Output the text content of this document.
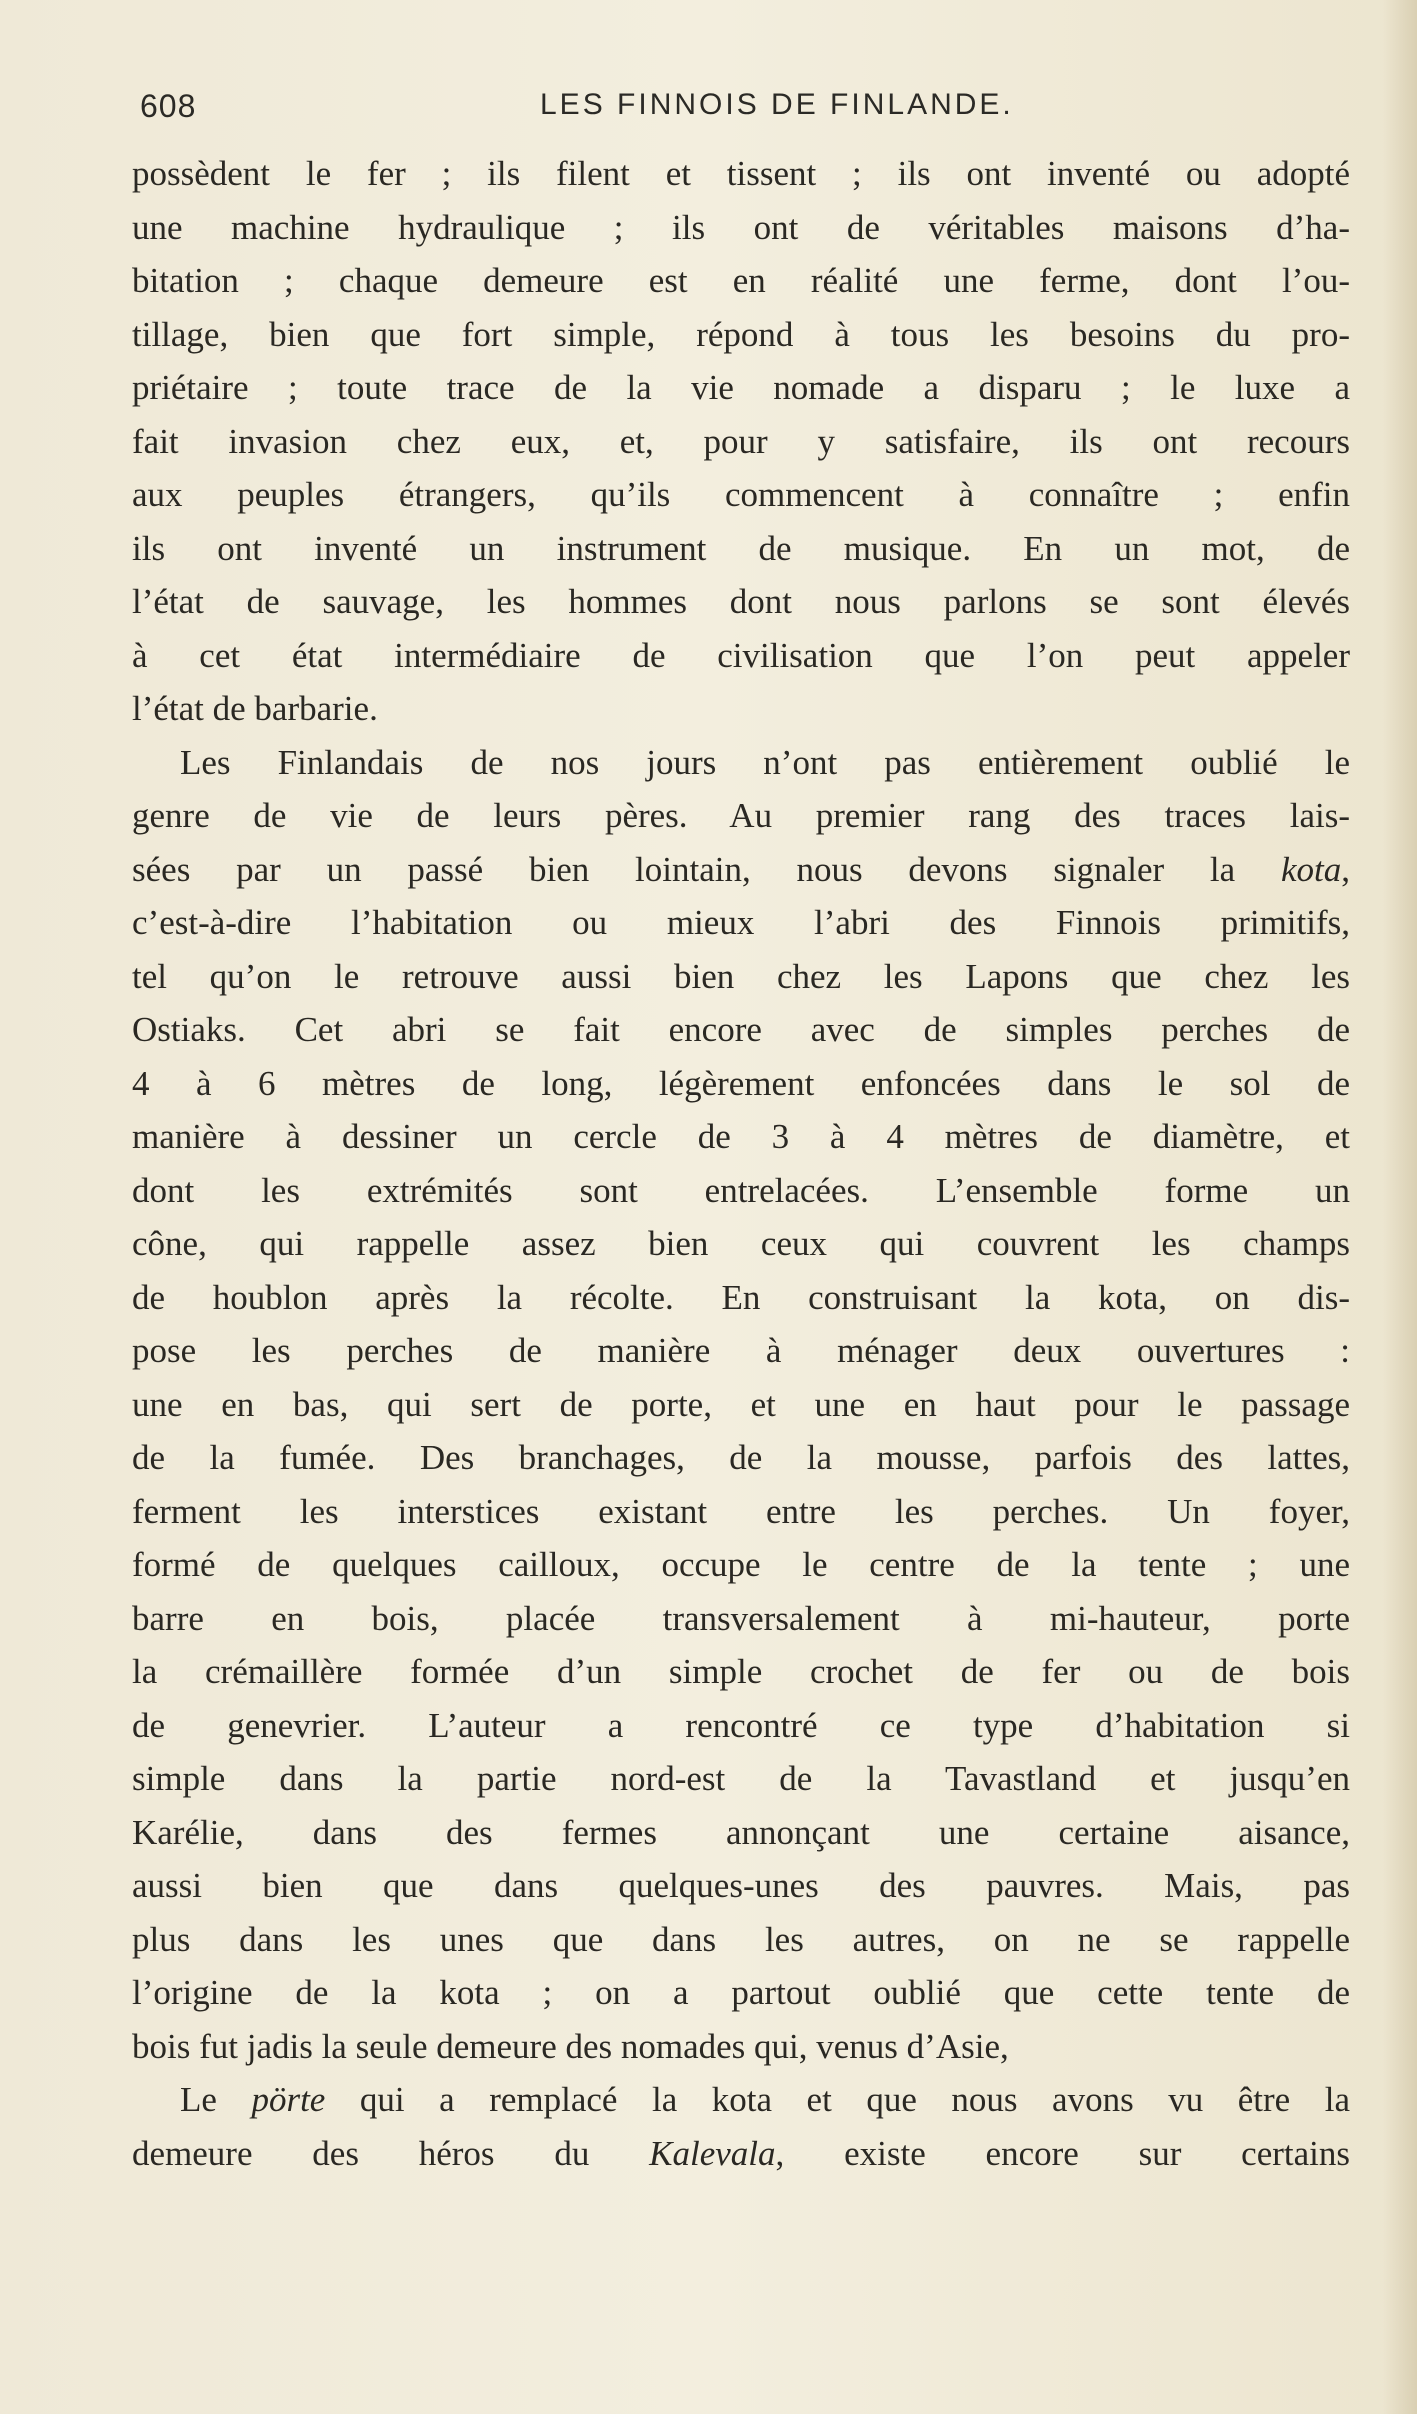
608	LES FINNOIS DE FINLANDE.

possèdent le fer ; ils filent et tissent ; ils ont inventé ou adopté
une machine hydraulique ; ils ont de véritables maisons d’ha-
bitation ; chaque demeure est en réalité une ferme, dont l’ou-
tillage, bien que fort simple, répond à tous les besoins du pro-
priétaire ; toute trace de la vie nomade a disparu ; le luxe a
fait invasion chez eux, et, pour y satisfaire, ils ont recours
aux peuples étrangers, qu’ils commencent à connaître ; enfin
ils ont inventé un instrument de musique. En un mot, de
l’état de sauvage, les hommes dont nous parlons se sont élevés
à cet état intermédiaire de civilisation que l’on peut appeler
l’état de barbarie.

Les Finlandais de nos jours n’ont pas entièrement oublié le
genre de vie de leurs pères. Au premier rang des traces lais-
sées par un passé bien lointain, nous devons signaler la kota,
c’est-à-dire l’habitation ou mieux l’abri des Finnois primitifs,
tel qu’on le retrouve aussi bien chez les Lapons que chez les
Ostiaks. Cet abri se fait encore avec de simples perches de
4 à 6 mètres de long, légèrement enfoncées dans le sol de
manière à dessiner un cercle de 3 à 4 mètres de diamètre, et
dont les extrémités sont entrelacées. L’ensemble forme un
cône, qui rappelle assez bien ceux qui couvrent les champs
de houblon après la récolte. En construisant la kota, on dis-
pose les perches de manière à ménager deux ouvertures :
une en bas, qui sert de porte, et une en haut pour le passage
de la fumée. Des branchages, de la mousse, parfois des lattes,
ferment les interstices existant entre les perches. Un foyer,
formé de quelques cailloux, occupe le centre de la tente ; une
barre en bois, placée transversalement à mi-hauteur, porte
la crémaillère formée d’un simple crochet de fer ou de bois
de genevrier. L’auteur a rencontré ce type d’habitation si
simple dans la partie nord-est de la Tavastland et jusqu’en
Karélie, dans des fermes annonçant une certaine aisance,
aussi bien que dans quelques-unes des pauvres. Mais, pas
plus dans les unes que dans les autres, on ne se rappelle
l’origine de la kota ; on a partout oublié que cette tente de
bois fut jadis la seule demeure des nomades qui, venus d’Asie,

Le pörte qui a remplacé la kota et que nous avons vu être la
demeure des héros du Kalevala, existe encore sur certains
